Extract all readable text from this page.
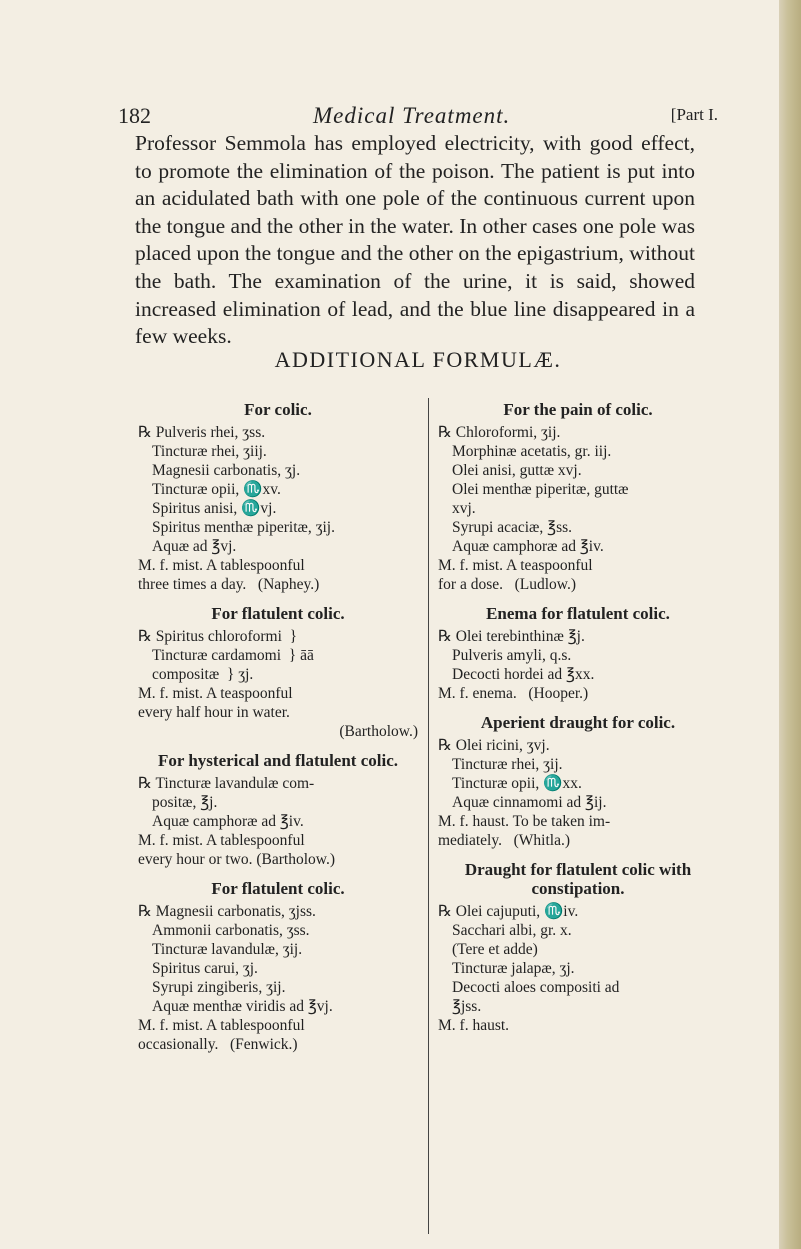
182	Medical Treatment.	[Part I.
Professor Semmola has employed electricity, with good effect, to promote the elimination of the poison. The patient is put into an acidulated bath with one pole of the continuous current upon the tongue and the other in the water. In other cases one pole was placed upon the tongue and the other on the epigastrium, without the bath. The examination of the urine, it is said, showed increased elimination of lead, and the blue line disappeared in a few weeks.
ADDITIONAL FORMULÆ.
For colic.
℞ Pulveris rhei, ʒss.
Tincturæ rhei, ʒiij.
Magnesii carbonatis, ʒj.
Tincturæ opii, ♏xv.
Spiritus anisi, ♏vj.
Spiritus menthæ piperitæ, ʒij.
Aquæ ad ℥vj.
M. f. mist. A tablespoonful
three times a day.   (Naphey.)
For flatulent colic.
℞ Spiritus chloroformi  }
Tincturæ cardamomi  } āā
compositæ  } ʒj.
M. f. mist. A teaspoonful
every half hour in water.
(Bartholow.)
For hysterical and flatulent colic.
℞ Tincturæ lavandulæ com-
positæ, ℥j.
Aquæ camphoræ ad ℥iv.
M. f. mist. A tablespoonful
every hour or two. (Bartholow.)
For flatulent colic.
℞ Magnesii carbonatis, ʒjss.
Ammonii carbonatis, ʒss.
Tincturæ lavandulæ, ʒij.
Spiritus carui, ʒj.
Syrupi zingiberis, ʒij.
Aquæ menthæ viridis ad ℥vj.
M. f. mist. A tablespoonful
occasionally.   (Fenwick.)
For the pain of colic.
℞ Chloroformi, ʒij.
Morphinæ acetatis, gr. iij.
Olei anisi, guttæ xvj.
Olei menthæ piperitæ, guttæ
xvj.
Syrupi acaciæ, ℥ss.
Aquæ camphoræ ad ℥iv.
M. f. mist. A teaspoonful
for a dose.   (Ludlow.)
Enema for flatulent colic.
℞ Olei terebinthinæ ℥j.
Pulveris amyli, q.s.
Decocti hordei ad ℥xx.
M. f. enema.   (Hooper.)
Aperient draught for colic.
℞ Olei ricini, ʒvj.
Tincturæ rhei, ʒij.
Tincturæ opii, ♏xx.
Aquæ cinnamomi ad ℥ij.
M. f. haust. To be taken im-
mediately.   (Whitla.)
Draught for flatulent colic with constipation.
℞ Olei cajuputi, ♏iv.
Sacchari albi, gr. x.
(Tere et adde)
Tincturæ jalapæ, ʒj.
Decocti aloes compositi ad
℥jss.
M. f. haust.
